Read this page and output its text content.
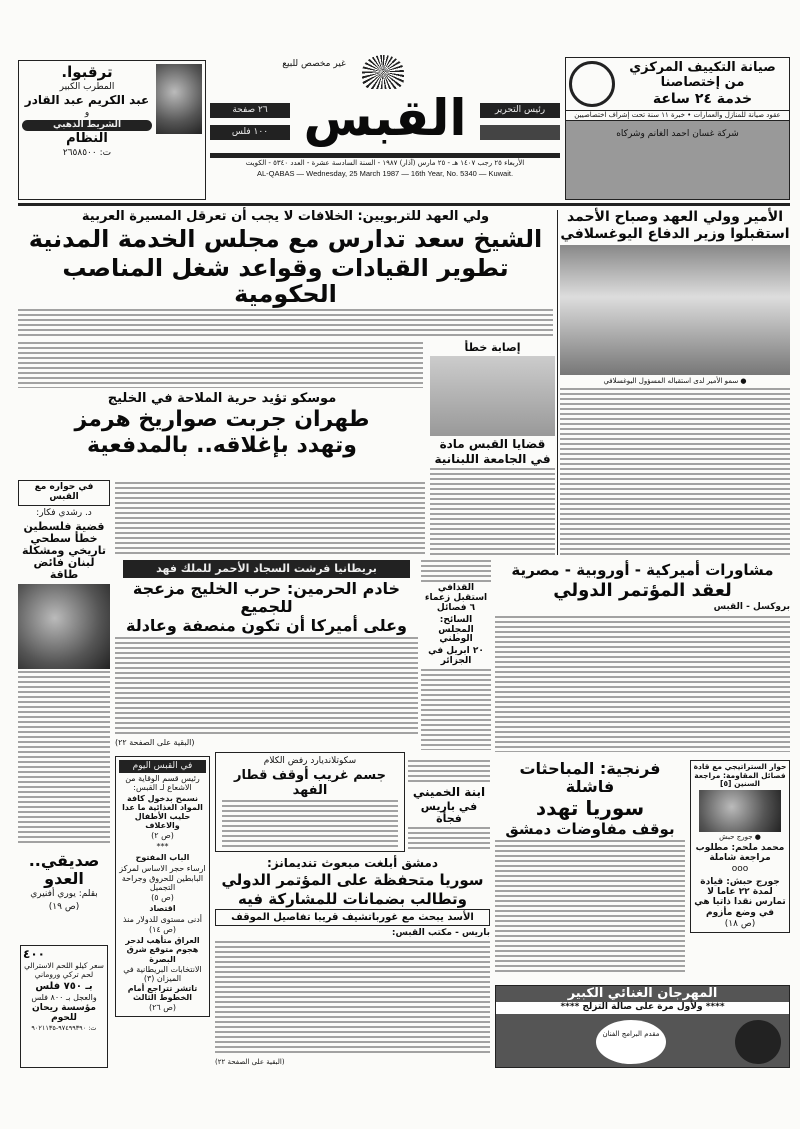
ترقبوا.
المطرب الكبير
عبد الكريم عبد القادر
و
الشريط الذهبي
النظام
ت: ٢٦٥٨٥٠٠
غير مخصص للبيع
القبس
٢٦ صفحة
١٠٠ فلس
رئيس التحرير
الأربعاء ٢٥ رجب ١٤٠٧ هـ - ٢٥ مارس (آذار) ١٩٨٧ - السنة السادسة عشرة - العدد ٥٣٤٠ - الكويت
AL-QABAS — Wednesday, 25 March 1987 — 16th Year, No. 5340 — Kuwait.
صيانة التكييف المركزي
من إختصاصنا
خدمة ٢٤ ساعة
عقود صيانة للمنازل والعمارات • خبرة ١١ سنة تحت إشراف اختصاصيين
شركة غسان احمد الغانم وشركاه
الأمير وولي العهد وصباح الأحمد
استقبلوا وزير الدفاع اليوغسلافي
● سمو الأمير لدى استقباله المسؤول اليوغسلافي
ولي العهد للتربويين: الخلافات لا يجب أن تعرقل المسيرة العربية
الشيخ سعد تدارس مع مجلس الخدمة المدنية
تطوير القيادات وقواعد شغل المناصب الحكومية
موسكو تؤيد حرية الملاحة في الخليج
طهران جربت صواريخ هرمز
وتهدد بإغلاقه.. بالمدفعية
إصابة خطأ
قضايا القبس مادة
في الجامعة اللبنانية
في حواره مع القبس
د. رشدي فكار:
قضية فلسطين خطأ سطحي تاريخي ومشكلة لبنان فائض طاقة	بريطانيا فرشت السجاد الأحمر للملك فهد
خادم الحرمين: حرب الخليج مزعجة للجميع
وعلى أميركا أن تكون منصفة وعادلة
(البقية على الصفحة ٢٢)
القذافي استقبل زعماء ٦ فصائل
السائح: المجلس الوطني
٢٠ ابريل في الجزائر
مشاورات أميركية - أوروبية - مصرية
لعقد المؤتمر الدولي
بروكسل - القبس
في القبس اليوم
رئيس قسم الوقاية من الاشعاع لـ القبس:
نسمح بدخول كافة المواد الغذائية ما عدا حليب الأطفال والاعلاف
(ص ٢)
***
الباب المفتوح
ارساء حجر الاساس لمركز البابطين للحروق وجراحة التجميل
(ص ٥)
اقتصاد
أدنى مستوى للدولار منذ
(ص ١٤)
العراق متأهب لدحر هجوم متوقع شرق البصرة
الانتخابات البريطانية في الميزان (٣)
تاتشر تتراجع أمام الخطوط الثالث
(ص ٢٦)
سكوتلانديارد رفض الكلام
جسم غريب أوقف قطار الفهد	ابنة الخميني
في باريس فجأة
فرنجية: المباحثات فاشلة
سوريا تهدد
بوقف مفاوضات دمشق
حوار الستراتيجي مع قادة فصائل المقاومة: مراجعة السنين [٥]
● جورج حبش
محمد ملحم: مطلوب مراجعة شاملة
ooo
جورج حبش: قيادة لمدة ٢٢ عاما لا تمارس نقدا ذاتيا هي في وضع مأزوم
(ص ١٨)
صديقي.. العدو
بقلم: يوري أفنيري
(ص ١٩)
دمشق أبلغت مبعوث تنديمانز:
سوريا متحفظة على المؤتمر الدولي
وتطالب بضمانات للمشاركة فيه
الأسد يبحث مع غورباتشيف قريبا تفاصيل الموقف
باريس - مكتب القبس:
(البقية على الصفحة ٢٢)
٤٠٠
سعر كيلو اللحم الاسترالي
لحم تركي وروماني
بـ ٧٥٠ فلس
والعجل بـ ٨٠٠ فلس
مؤسسة ريحان للحوم
ت: ٩٧٤٩٩٣٩٠-٩٠٢١١٣٥
المهرجان الغنائي الكبير
**** ولأول مرة على صالة التزلج ****
مقدم البرامج الفنان
